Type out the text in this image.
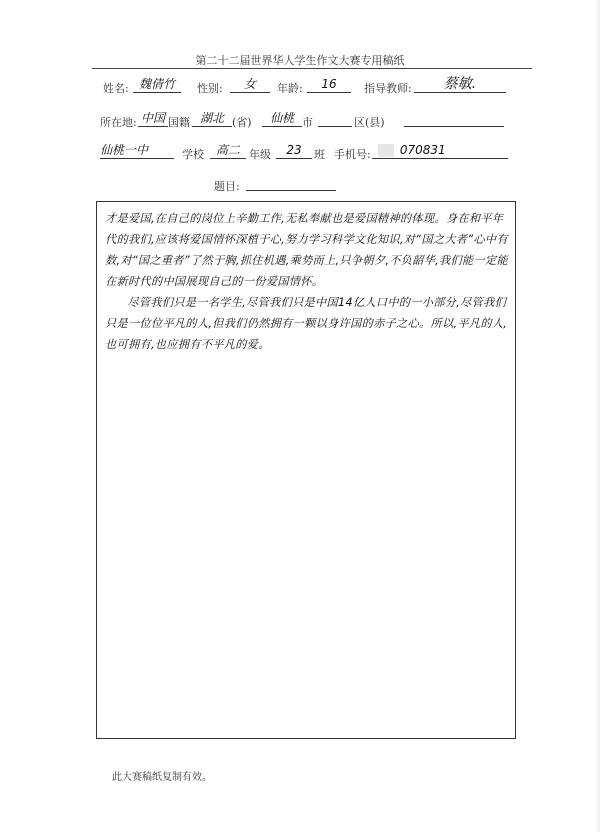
第二十二届世界华人学生作文大赛专用稿纸
姓名: 魏倩竹	性别:	女	年龄:	16	指导教师:	蔡敏.
所在地: 中国 国籍 湖北 (省)	仙桃 市	区(县)
仙桃一中	学校 高二 年级	23	班 手机号:	070831
题目:

才是爱国,在自己的岗位上辛勤工作,无私奉献也是爱国精神的体现。身在和平年代的我们,应该将爱国情怀深植于心,努力学习科学文化知识,对“国之大者”心中有数,对“国之重者”了然于胸,抓住机遇,乘势而上,只争朝夕,不负韶华,我们能一定能在新时代的中国展现自己的一份爱国情怀。

尽管我们只是一名学生,尽管我们只是中国14亿人口中的一小部分,尽管我们只是一位位平凡的人,但我们仍然拥有一颗以身许国的赤子之心。所以,平凡的人,也可拥有,也应拥有不平凡的爱。

此大赛稿纸复制有效。
